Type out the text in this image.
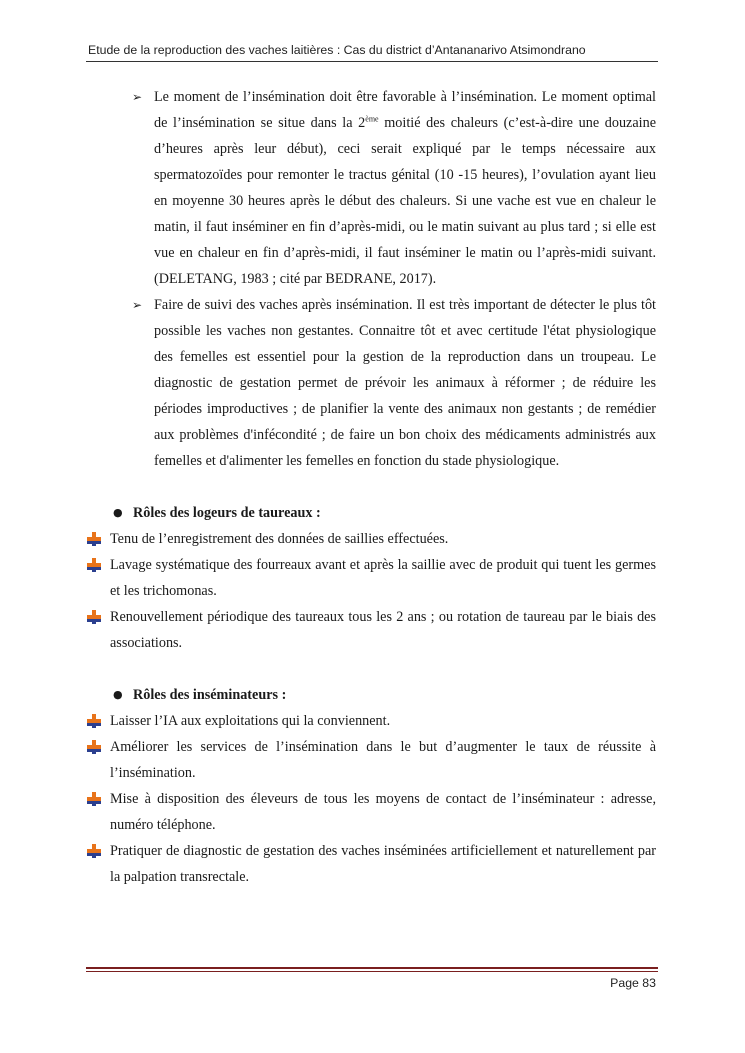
Etude de la reproduction des vaches laitières : Cas du district d’Antananarivo Atsimondrano
➢ Le moment de l’insémination doit être favorable à l’insémination. Le moment optimal de l’insémination se situe dans la 2ème moitié des chaleurs (c’est-à-dire une douzaine d’heures après leur début), ceci serait expliqué par le temps nécessaire aux spermatozoïdes pour remonter le tractus génital (10 -15 heures), l’ovulation ayant lieu en moyenne 30 heures après le début des chaleurs. Si une vache est vue en chaleur le matin, il faut inséminer en fin d’après-midi, ou le matin suivant au plus tard ; si elle est vue en chaleur en fin d’après-midi, il faut inséminer le matin ou l’après-midi suivant. (DELETANG, 1983 ; cité par BEDRANE, 2017).
➢ Faire de suivi des vaches après insémination. Il est très important de détecter le plus tôt possible les vaches non gestantes. Connaitre tôt et avec certitude l'état physiologique des femelles est essentiel pour la gestion de la reproduction dans un troupeau. Le diagnostic de gestation permet de prévoir les animaux à réformer ; de réduire les périodes improductives ; de planifier la vente des animaux non gestants ; de remédier aux problèmes d'infécondité ; de faire un bon choix des médicaments administrés aux femelles et d'alimenter les femelles en fonction du stade physiologique.
● Rôles des logeurs de taureaux :
Tenu de l’enregistrement des données de saillies effectuées.
Lavage systématique des fourreaux avant et après la saillie avec de produit qui tuent les germes et les trichomonas.
Renouvellement périodique des taureaux tous les 2 ans ; ou rotation de taureau par le biais des associations.
● Rôles des inséminateurs :
Laisser l’IA aux exploitations qui la conviennent.
Améliorer les services de l’insémination dans le but d’augmenter le taux de réussite à l’insémination.
Mise à disposition des éleveurs de tous les moyens de contact de l’inséminateur : adresse, numéro téléphone.
Pratiquer de diagnostic de gestation des vaches inséminées artificiellement et naturellement par la palpation transrectale.
Page 83
